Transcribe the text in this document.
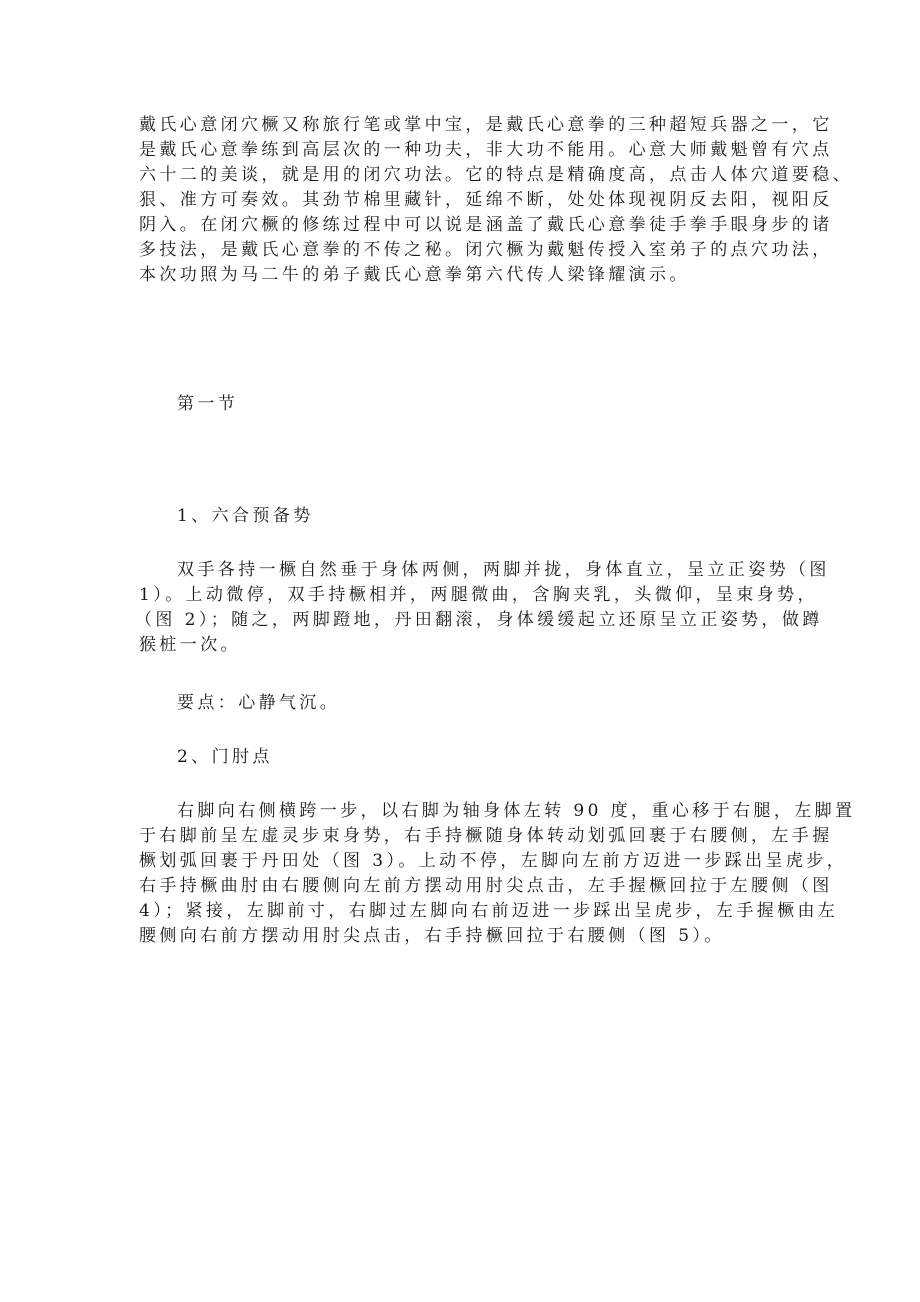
戴氏心意闭穴橛又称旅行笔或掌中宝，是戴氏心意拳的三种超短兵器之一，它
是戴氏心意拳练到高层次的一种功夫，非大功不能用。心意大师戴魁曾有穴点
六十二的美谈，就是用的闭穴功法。它的特点是精确度高，点击人体穴道要稳、
狠、准方可奏效。其劲节棉里藏针，延绵不断，处处体现视阴反去阳，视阳反
阴入。在闭穴橛的修练过程中可以说是涵盖了戴氏心意拳徒手拳手眼身步的诸
多技法，是戴氏心意拳的不传之秘。闭穴橛为戴魁传授入室弟子的点穴功法，
本次功照为马二牛的弟子戴氏心意拳第六代传人梁锋耀演示。
第一节
1、六合预备势
双手各持一橛自然垂于身体两侧，两脚并拢，身体直立，呈立正姿势（图
1）。上动微停，双手持橛相并，两腿微曲，含胸夹乳，头微仰，呈束身势，
（图 2）；随之，两脚蹬地，丹田翻滚，身体缓缓起立还原呈立正姿势，做蹲
猴桩一次。
要点：心静气沉。
2、门肘点
右脚向右侧横跨一步，以右脚为轴身体左转 90 度，重心移于右腿，左脚置
于右脚前呈左虚灵步束身势，右手持橛随身体转动划弧回裹于右腰侧，左手握
橛划弧回裹于丹田处（图 3）。上动不停，左脚向左前方迈进一步踩出呈虎步，
右手持橛曲肘由右腰侧向左前方摆动用肘尖点击，左手握橛回拉于左腰侧（图
4）；紧接，左脚前寸，右脚过左脚向右前迈进一步踩出呈虎步，左手握橛由左
腰侧向右前方摆动用肘尖点击，右手持橛回拉于右腰侧（图 5）。
